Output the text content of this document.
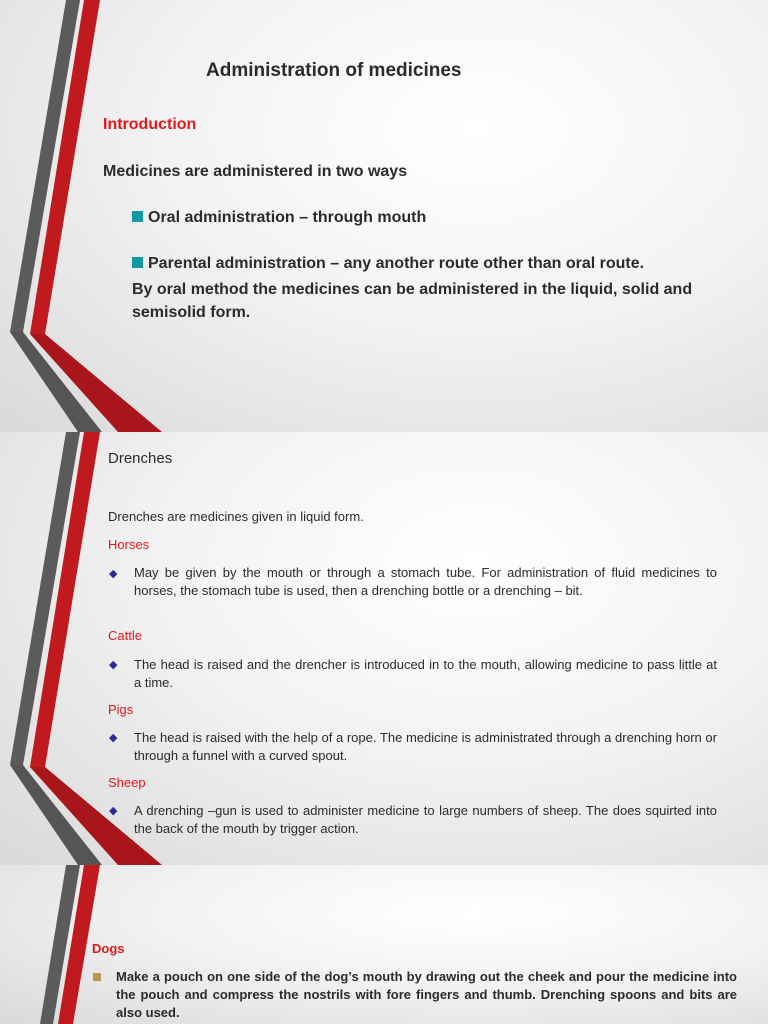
Administration of medicines
Introduction
Medicines are administered in two ways
Oral administration – through mouth
Parental administration – any another route other than oral route.
By oral method the medicines can be administered in the liquid, solid and semisolid form.
Drenches
Drenches are medicines given in liquid form.
Horses
◆ May be given by the mouth or through a stomach tube. For administration of fluid medicines to horses, the stomach tube is used, then a drenching bottle or a drenching – bit.
Cattle
◆ The head is raised and the drencher is introduced in to the mouth, allowing medicine to pass little at a time.
Pigs
◆ The head is raised with the help of a rope. The medicine is administrated through a drenching horn or through a funnel with a curved spout.
Sheep
◆ A drenching –gun is used to administer medicine to large numbers of sheep. The does squirted into the back of the mouth by trigger action.
Dogs
Make a pouch on one side of the dog’s mouth by drawing out the cheek and pour the medicine into the pouch and compress the nostrils with fore fingers and thumb. Drenching spoons and bits are also used.
